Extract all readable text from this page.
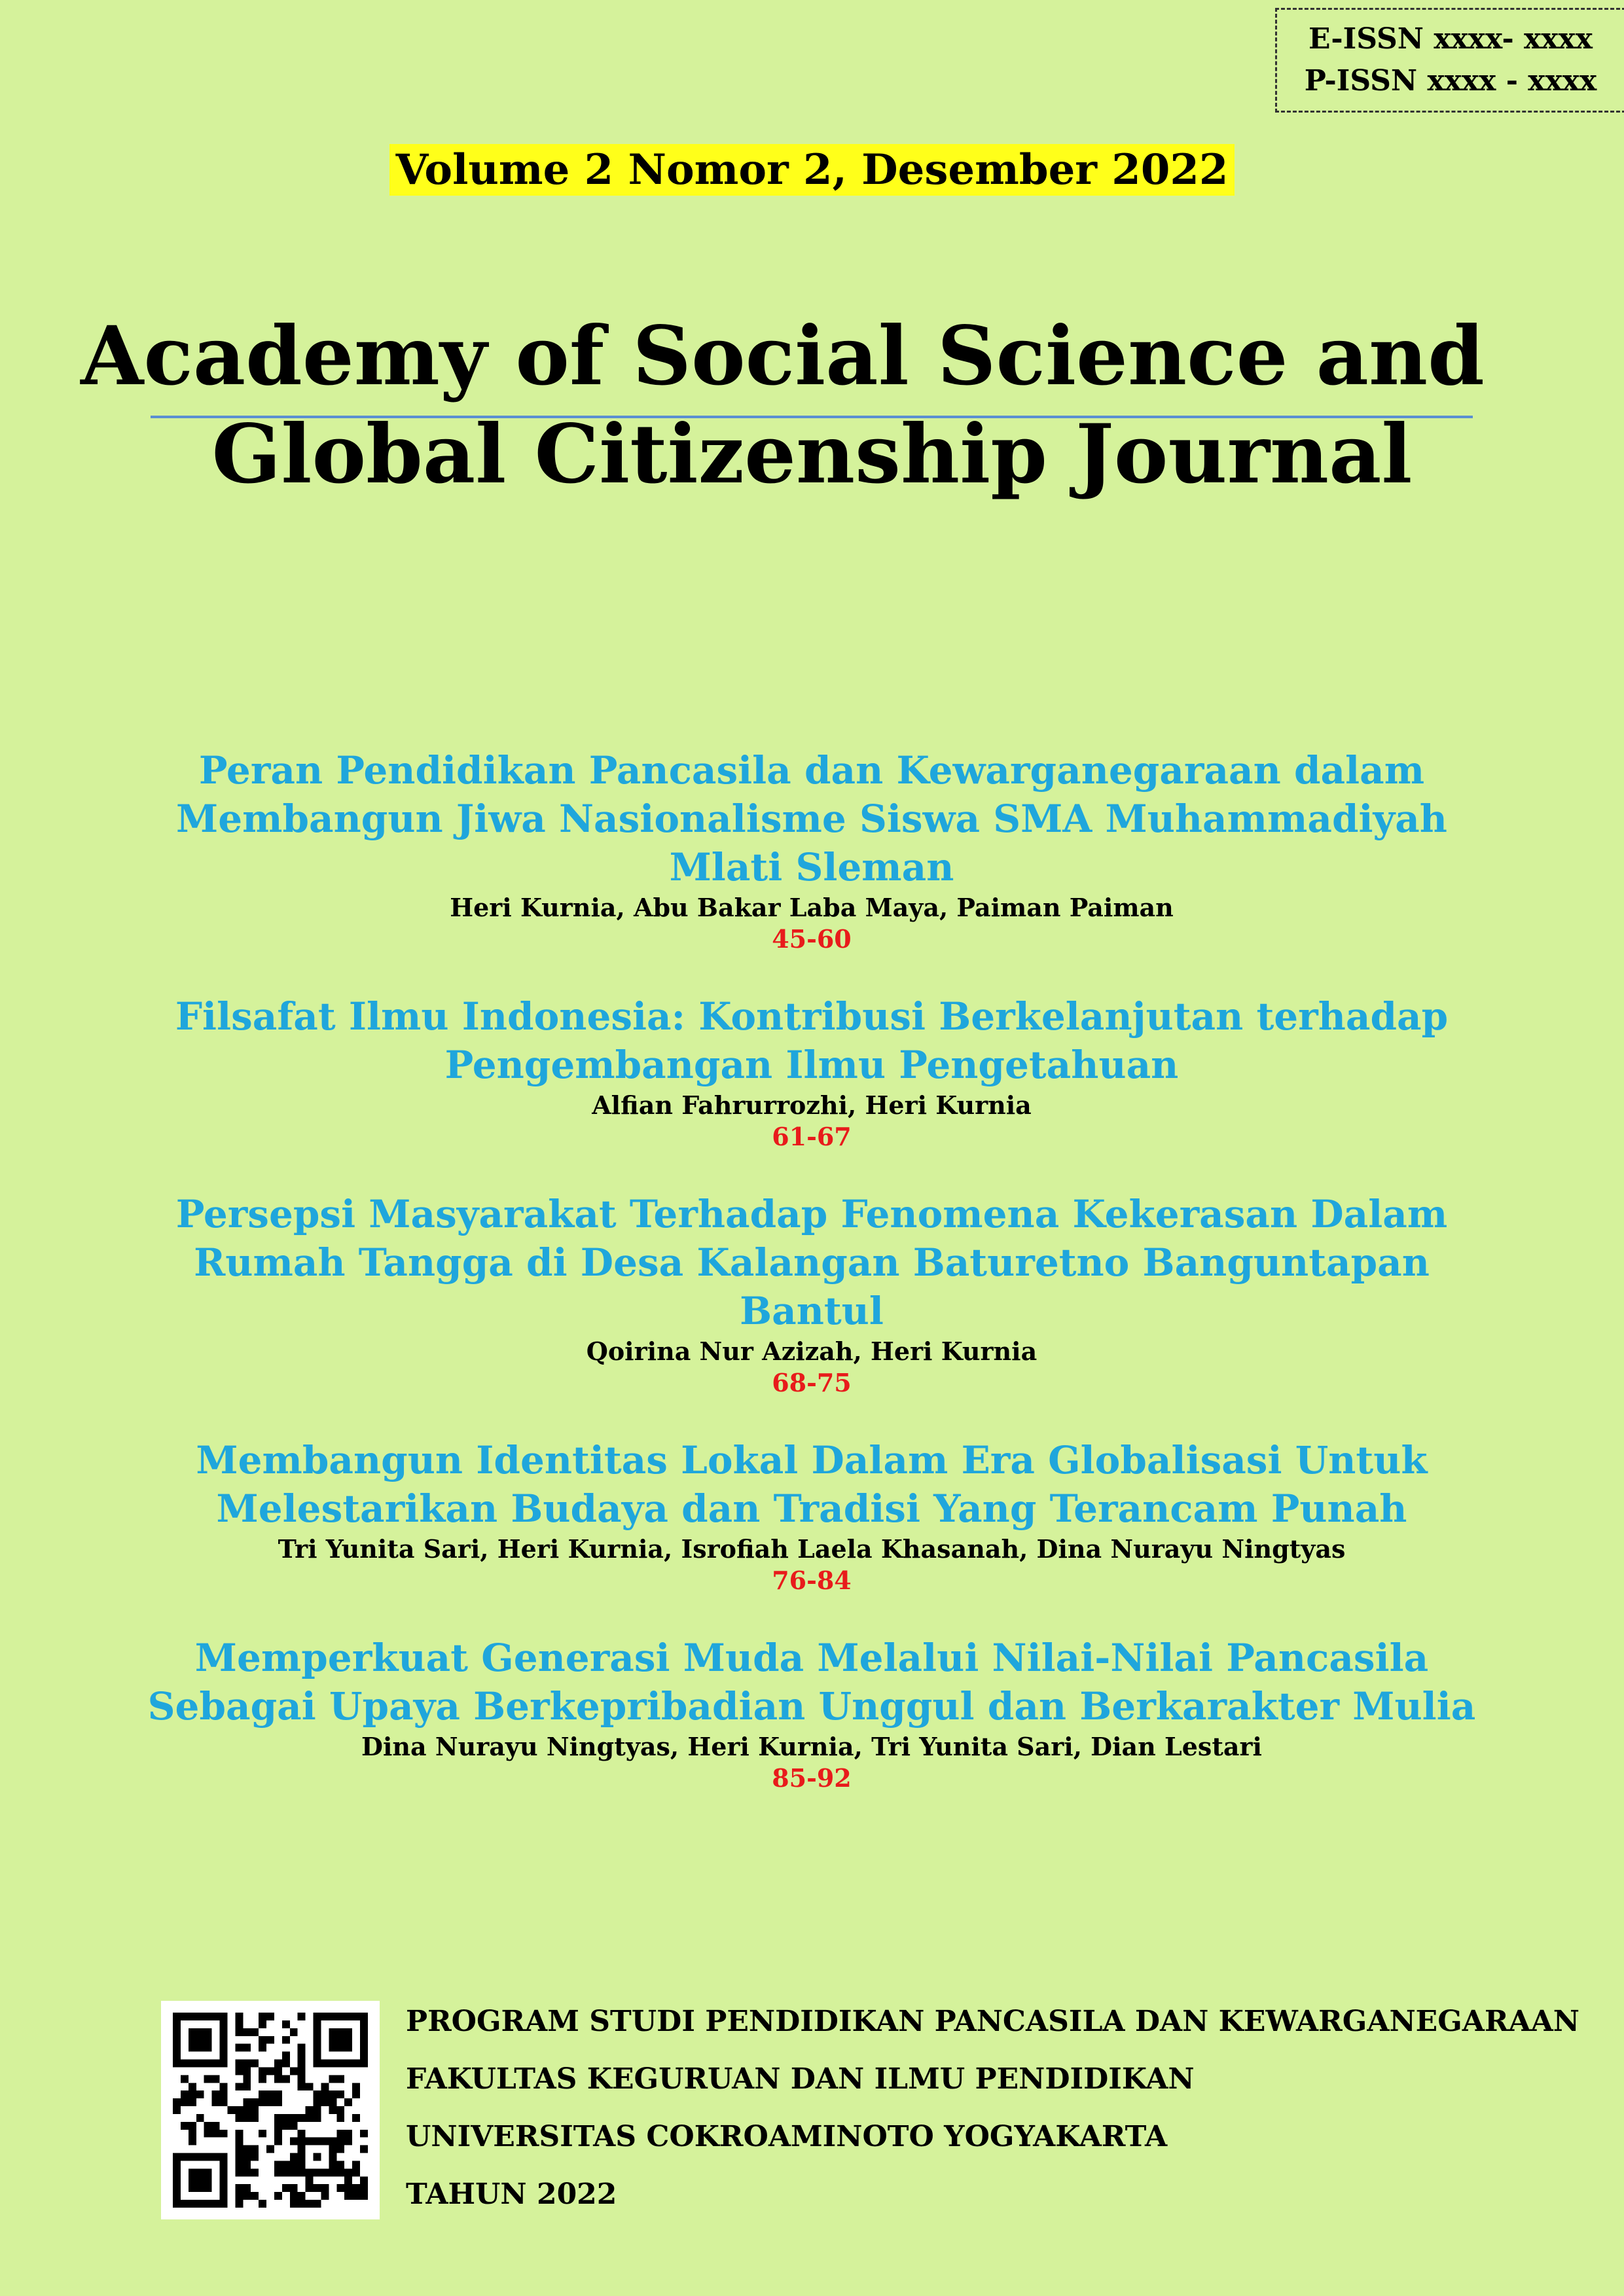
E-ISSN xxxx- xxxx
P-ISSN xxxx - xxxx
Volume 2 Nomor 2, Desember 2022
Academy of Social Science and
Global Citizenship Journal
Peran Pendidikan Pancasila dan Kewarganegaraan dalam Membangun Jiwa Nasionalisme Siswa SMA Muhammadiyah Mlati Sleman
Heri Kurnia, Abu Bakar Laba Maya, Paiman Paiman
45-60
Filsafat Ilmu Indonesia: Kontribusi Berkelanjutan terhadap Pengembangan Ilmu Pengetahuan
Alfian Fahrurrozhi, Heri Kurnia
61-67
Persepsi Masyarakat Terhadap Fenomena Kekerasan Dalam Rumah Tangga di Desa Kalangan Baturetno Banguntapan Bantul
Qoirina Nur Azizah, Heri Kurnia
68-75
Membangun Identitas Lokal Dalam Era Globalisasi Untuk Melestarikan Budaya dan Tradisi Yang Terancam Punah
Tri Yunita Sari, Heri Kurnia, Isrofiah Laela Khasanah, Dina Nurayu Ningtyas
76-84
Memperkuat Generasi Muda Melalui Nilai-Nilai Pancasila Sebagai Upaya Berkepribadian Unggul dan Berkarakter Mulia
Dina Nurayu Ningtyas, Heri Kurnia, Tri Yunita Sari, Dian Lestari
85-92
PROGRAM STUDI PENDIDIKAN PANCASILA DAN KEWARGANEGARAAN
FAKULTAS KEGURUAN DAN ILMU PENDIDIKAN
UNIVERSITAS COKROAMINOTO YOGYAKARTA
TAHUN 2022
